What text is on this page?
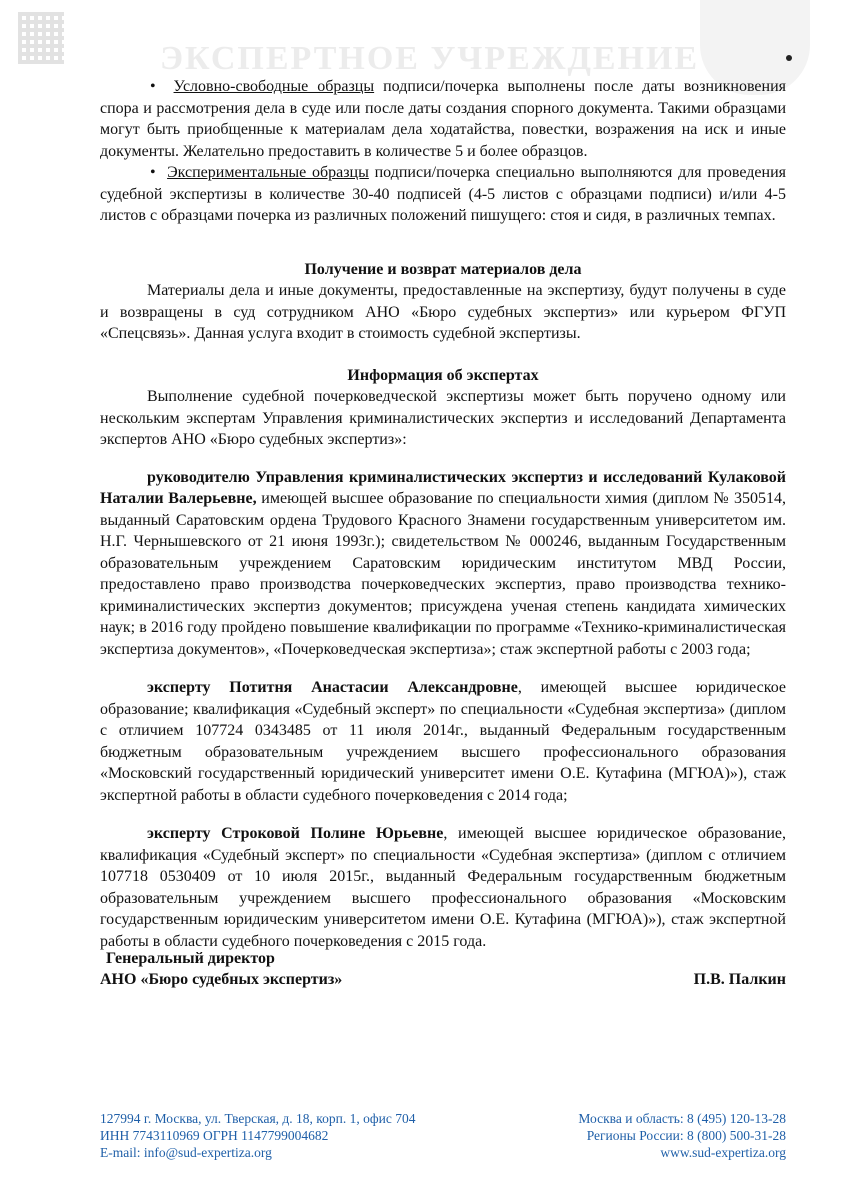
ЭКСПЕРТНОЕ УЧРЕЖДЕНИЕ

•  Условно-свободные образцы подписи/почерка выполнены после даты возникновения спора и рассмотрения дела в суде или после даты создания спорного документа. Такими образцами могут быть приобщенные к материалам дела ходатайства, повестки, возражения на иск и иные документы. Желательно предоставить в количестве 5 и более образцов.

•  Экспериментальные образцы подписи/почерка специально выполняются для проведения судебной экспертизы в количестве 30-40 подписей (4-5 листов с образцами подписи) и/или 4-5 листов с образцами почерка из различных положений пишущего: стоя и сидя, в различных темпах.

Получение и возврат материалов дела

Материалы дела и иные документы, предоставленные на экспертизу, будут получены в суде и возвращены в суд сотрудником АНО «Бюро судебных экспертиз» или курьером ФГУП «Спецсвязь». Данная услуга входит в стоимость судебной экспертизы.

Информация об экспертах

Выполнение судебной почерковедческой экспертизы может быть поручено одному или нескольким экспертам Управления криминалистических экспертиз и исследований Департамента экспертов АНО «Бюро судебных экспертиз»:

руководителю Управления криминалистических экспертиз и исследований Кулаковой Наталии Валерьевне, имеющей высшее образование по специальности химия (диплом № 350514, выданный Саратовским ордена Трудового Красного Знамени государственным университетом им. Н.Г. Чернышевского от 21 июня 1993г.); свидетельством № 000246, выданным Государственным образовательным учреждением Саратовским юридическим институтом МВД России, предоставлено право производства почерковедческих экспертиз, право производства технико-криминалистических экспертиз документов; присуждена ученая степень кандидата химических наук; в 2016 году пройдено повышение квалификации по программе «Технико-криминалистическая экспертиза документов», «Почерковедческая экспертиза»; стаж экспертной работы с 2003 года;

эксперту Потитня Анастасии Александровне, имеющей высшее юридическое образование; квалификация «Судебный эксперт» по специальности «Судебная экспертиза» (диплом с отличием 107724 0343485 от 11 июля 2014г., выданный Федеральным государственным бюджетным образовательным учреждением высшего профессионального образования «Московский государственный юридический университет имени О.Е. Кутафина (МГЮА)»), стаж экспертной работы в области судебного почерковедения с 2014 года;

эксперту Строковой Полине Юрьевне, имеющей высшее юридическое образование, квалификация «Судебный эксперт» по специальности «Судебная экспертиза» (диплом с отличием 107718 0530409 от 10 июля 2015г., выданный Федеральным государственным бюджетным образовательным учреждением высшего профессионального образования «Московским государственным юридическим университетом имени О.Е. Кутафина (МГЮА)»), стаж экспертной работы в области судебного почерковедения с 2015 года.

Генеральный директор
АНО «Бюро судебных экспертиз»	П.В. Палкин
127994 г. Москва, ул. Тверская, д. 18, корп. 1, офис 704
ИНН 7743110969 ОГРН 1147799004682
E-mail: info@sud-expertiza.org
Москва и область: 8 (495) 120-13-28
Регионы России: 8 (800) 500-31-28
www.sud-expertiza.org
